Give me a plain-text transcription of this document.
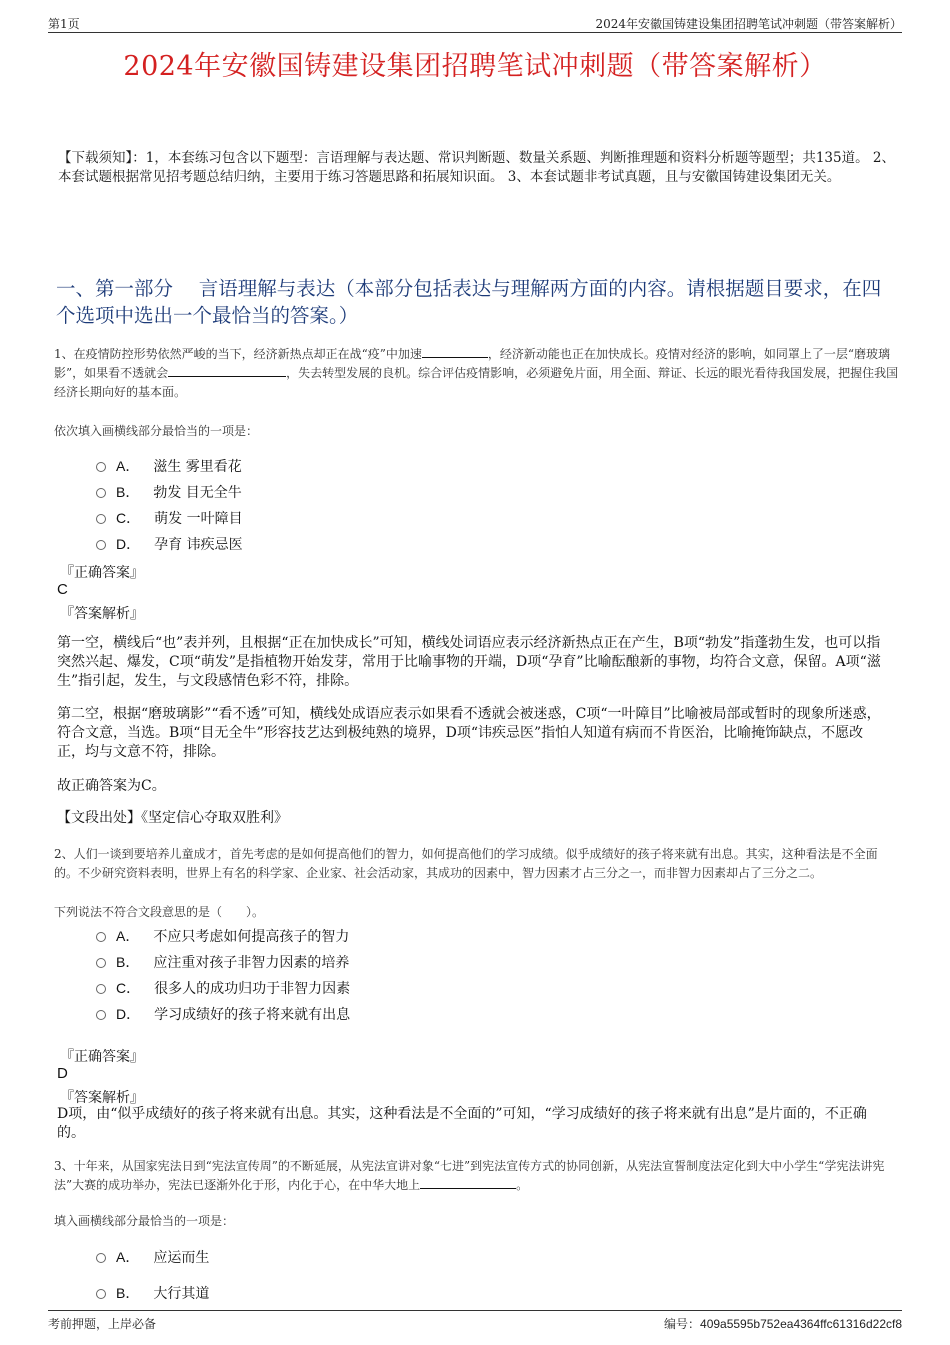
第1页	2024年安徽国铸建设集团招聘笔试冲刺题（带答案解析）
2024年安徽国铸建设集团招聘笔试冲刺题（带答案解析）
【下载须知】：1，本套练习包含以下题型：言语理解与表达题、常识判断题、数量关系题、判断推理题和资料分析题等题型；共135道。 2、本套试题根据常见招考题总结归纳，主要用于练习答题思路和拓展知识面。 3、本套试题非考试真题，且与安徽国铸建设集团无关。
一、第一部分　 言语理解与表达（本部分包括表达与理解两方面的内容。请根据题目要求，在四个选项中选出一个最恰当的答案。）

1、在疫情防控形势依然严峻的当下，经济新热点却正在战“疫”中加速	，经济新动能也正在加快成长。疫情对经济的影响，如同罩上了一层“磨玻璃影”，如果看不透就会	，失去转型发展的良机。综合评估疫情影响，必须避免片面，用全面、辩证、长远的眼光看待我国发展，把握住我国经济长期向好的基本面。

依次填入画横线部分最恰当的一项是：

A． 滋生 雾里看花
B． 勃发 目无全牛
C． 萌发 一叶障目
D． 孕育 讳疾忌医
『正确答案』
C
『答案解析』

第一空，横线后“也”表并列，且根据“正在加快成长”可知，横线处词语应表示经济新热点正在产生，B项“勃发”指蓬勃生发，也可以指突然兴起、爆发，C项“萌发”是指植物开始发芽，常用于比喻事物的开端，D项“孕育”比喻酝酿新的事物，均符合文意，保留。A项“滋生”指引起，发生，与文段感情色彩不符，排除。

第二空，根据“磨玻璃影”“看不透”可知，横线处成语应表示如果看不透就会被迷惑，C项“一叶障目”比喻被局部或暂时的现象所迷惑，符合文意，当选。B项“目无全牛”形容技艺达到极纯熟的境界，D项“讳疾忌医”指怕人知道有病而不肯医治，比喻掩饰缺点，不愿改正，均与文意不符，排除。

故正确答案为C。

【文段出处】《坚定信心夺取双胜利》

2、人们一谈到要培养儿童成才，首先考虑的是如何提高他们的智力，如何提高他们的学习成绩。似乎成绩好的孩子将来就有出息。其实，这种看法是不全面的。不少研究资料表明，世界上有名的科学家、企业家、社会活动家，其成功的因素中，智力因素才占三分之一，而非智力因素却占了三分之二。

下列说法不符合文段意思的是（　　）。

A． 不应只考虑如何提高孩子的智力
B． 应注重对孩子非智力因素的培养
C． 很多人的成功归功于非智力因素
D． 学习成绩好的孩子将来就有出息
『正确答案』
D
『答案解析』

D项，由“似乎成绩好的孩子将来就有出息。其实，这种看法是不全面的”可知，“学习成绩好的孩子将来就有出息”是片面的，不正确的。

3、十年来，从国家宪法日到“宪法宣传周”的不断延展，从宪法宣讲对象“七进”到宪法宣传方式的协同创新，从宪法宣誓制度法定化到大中小学生“学宪法讲宪法”大赛的成功举办，宪法已逐渐外化于形，内化于心，在中华大地上	。

填入画横线部分最恰当的一项是：

A． 应运而生
B． 大行其道
考前押题，上岸必备	编号：409a5595b752ea4364ffc61316d22cf8
